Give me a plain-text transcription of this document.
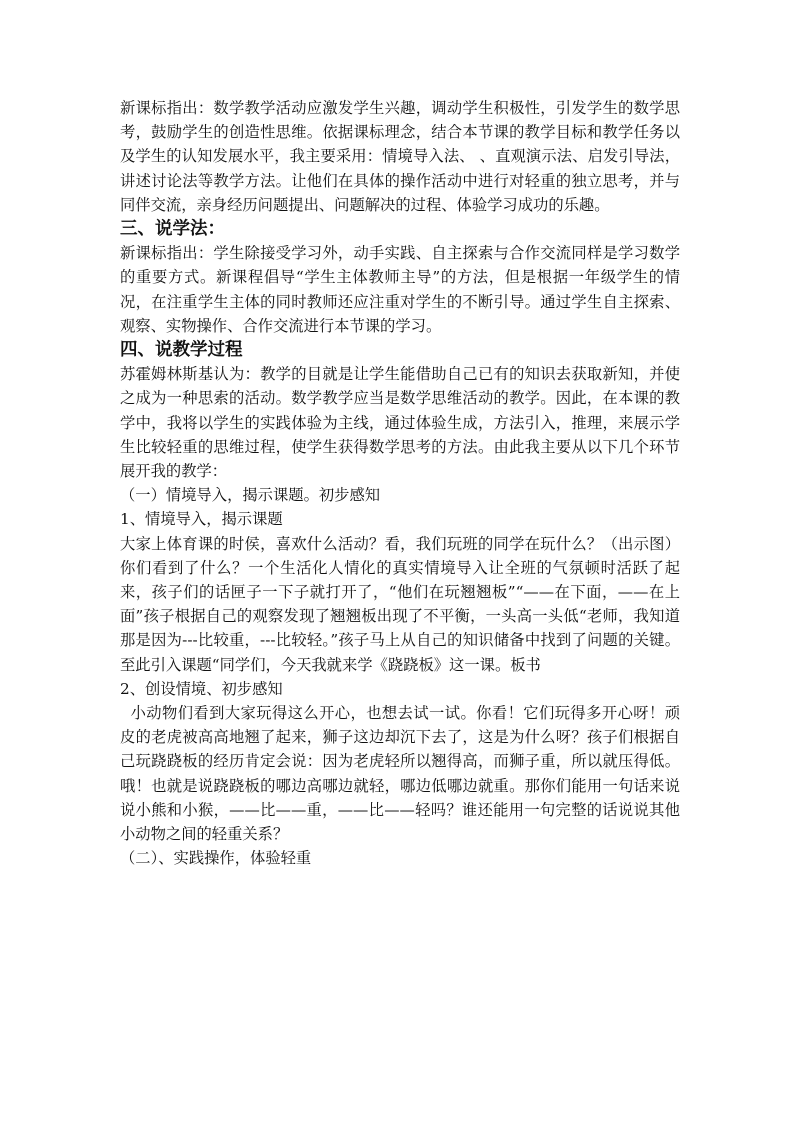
新课标指出：数学教学活动应激发学生兴趣，调动学生积极性，引发学生的数学思考，鼓励学生的创造性思维。依据课标理念，结合本节课的教学目标和教学任务以及学生的认知发展水平，我主要采用：情境导入法、 、直观演示法、启发引导法，讲述讨论法等教学方法。让他们在具体的操作活动中进行对轻重的独立思考，并与同伴交流，亲身经历问题提出、问题解决的过程、体验学习成功的乐趣。

三、说学法：

新课标指出：学生除接受学习外，动手实践、自主探索与合作交流同样是学习数学的重要方式。新课程倡导“学生主体教师主导”的方法，但是根据一年级学生的情况，在注重学生主体的同时教师还应注重对学生的不断引导。通过学生自主探索、观察、实物操作、合作交流进行本节课的学习。

四、说教学过程

苏霍姆林斯基认为：教学的目就是让学生能借助自己已有的知识去获取新知，并使之成为一种思索的活动。数学教学应当是数学思维活动的教学。因此，在本课的教学中，我将以学生的实践体验为主线，通过体验生成，方法引入，推理，来展示学生比较轻重的思维过程，使学生获得数学思考的方法。由此我主要从以下几个环节展开我的教学：

（一）情境导入，揭示课题。初步感知

1、情境导入，揭示课题

大家上体育课的时侯，喜欢什么活动？看，我们玩班的同学在玩什么？（出示图）你们看到了什么？一个生活化人情化的真实情境导入让全班的气氛顿时活跃了起来，孩子们的话匣子一下子就打开了，“他们在玩翘翘板”“——在下面，——在上面”孩子根据自己的观察发现了翘翘板出现了不平衡，一头高一头低“老师，我知道那是因为---比较重，---比较轻。”孩子马上从自己的知识储备中找到了问题的关键。至此引入课题“同学们，今天我就来学《跷跷板》这一课。板书

2、创设情境、初步感知

小动物们看到大家玩得这么开心，也想去试一试。你看！它们玩得多开心呀！顽皮的老虎被高高地翘了起来，狮子这边却沉下去了，这是为什么呀？孩子们根据自己玩跷跷板的经历肯定会说：因为老虎轻所以翘得高，而狮子重，所以就压得低。哦！也就是说跷跷板的哪边高哪边就轻，哪边低哪边就重。那你们能用一句话来说说小熊和小猴，——比——重，——比——轻吗？谁还能用一句完整的话说说其他小动物之间的轻重关系？

（二）、实践操作，体验轻重
